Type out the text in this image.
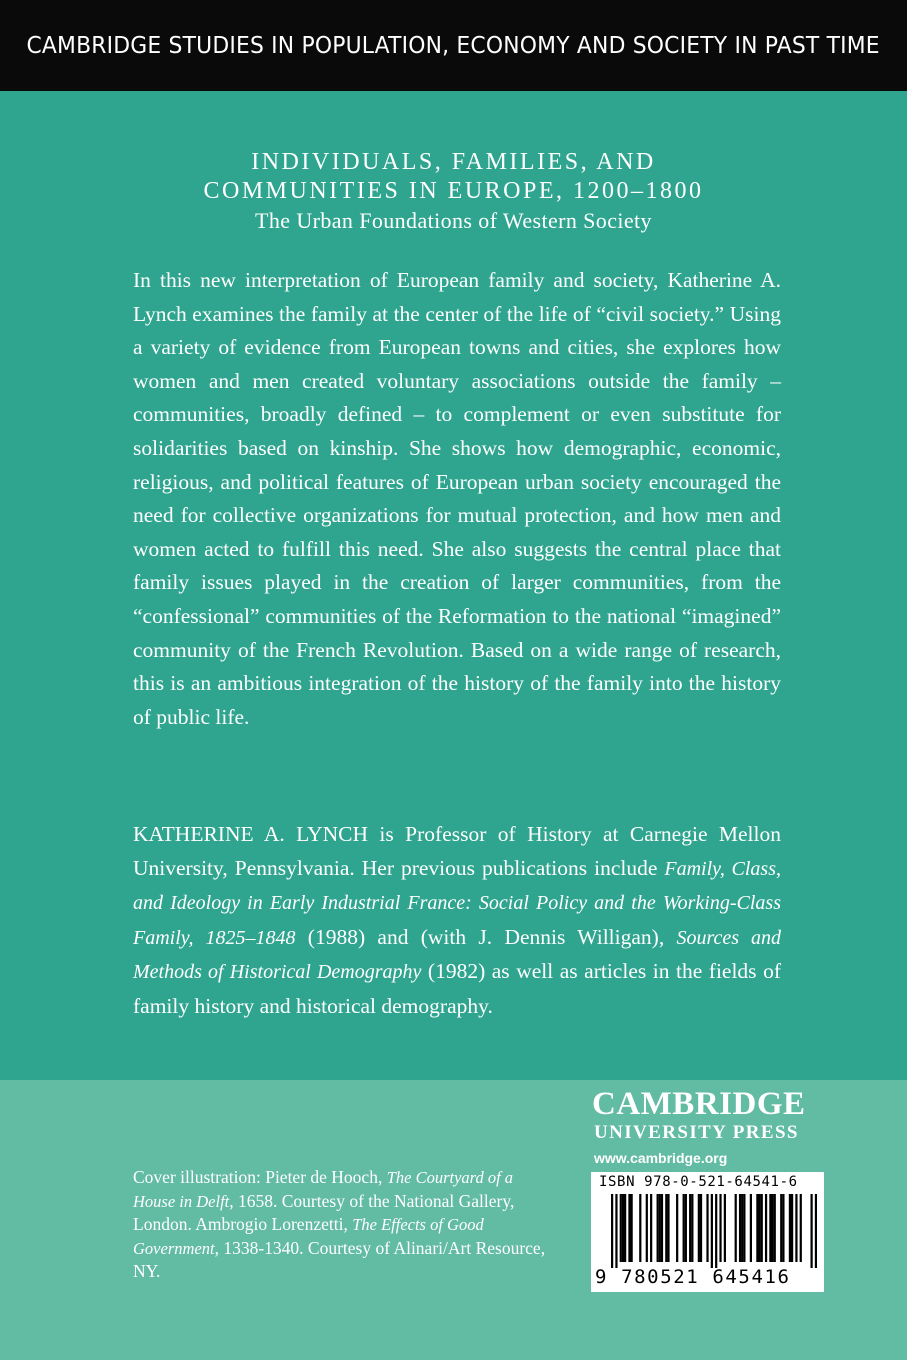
CAMBRIDGE STUDIES IN POPULATION, ECONOMY AND SOCIETY IN PAST TIME
INDIVIDUALS, FAMILIES, AND
COMMUNITIES IN EUROPE, 1200–1800
The Urban Foundations of Western Society

In this new interpretation of European family and society, Katherine A. Lynch examines the family at the center of the life of “civil society.” Using a variety of evidence from European towns and cities, she explores how women and men created voluntary associations outside the family – communities, broadly defined – to complement or even substitute for solidarities based on kinship. She shows how demographic, economic, religious, and political features of European urban society encouraged the need for collective organizations for mutual protection, and how men and women acted to fulfill this need. She also suggests the central place that family issues played in the creation of larger communities, from the “confessional” communities of the Reformation to the national “imagined” community of the French Revolution. Based on a wide range of research, this is an ambitious integration of the history of the family into the history of public life.

KATHERINE A. LYNCH is Professor of History at Carnegie Mellon University, Pennsylvania. Her previous publications include Family, Class, and Ideology in Early Industrial France: Social Policy and the Working-Class Family, 1825–1848 (1988) and (with J. Dennis Willigan), Sources and Methods of Historical Demography (1982) as well as articles in the fields of family history and historical demography.

Cover illustration: Pieter de Hooch, The Courtyard of a House in Delft, 1658. Courtesy of the National Gallery, London. Ambrogio Lorenzetti, The Effects of Good Government, 1338-1340. Courtesy of Alinari/Art Resource, NY.

CAMBRIDGE
UNIVERSITY PRESS
www.cambridge.org
ISBN 978-0-521-64541-6
9 780521 645416
